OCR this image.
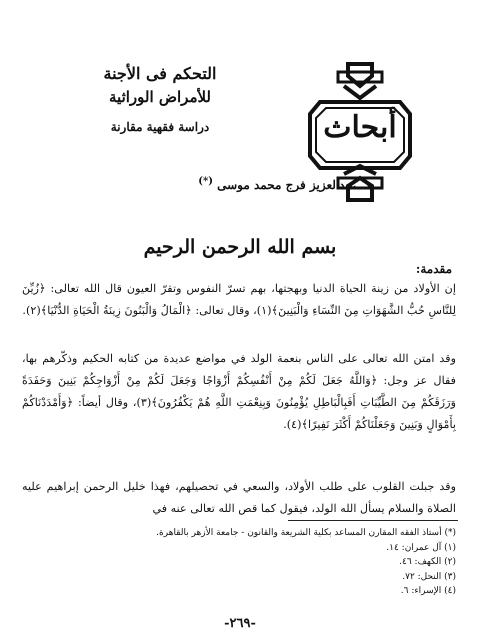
أبحاث
التحكم فى الأجنة
للأمراض الوراثية
دراسة فقهية مقارنة
د. عبدالعزيز فرج محمد موسى (*)
بسم الله الرحمن الرحيم
مقدمة:
إن الأولاد من زينة الحياة الدنيا وبهجتها، بهم تسرّ النفوس وتقرّ العيون قال الله تعالى: ﴿زُيِّنَ لِلنَّاسِ حُبُّ الشَّهَوَاتِ مِنَ النِّسَاءِ وَالْبَنِينَ﴾(١)، وقال تعالى: ﴿الْمَالُ وَالْبَنُونَ زِينَةُ الْحَيَاةِ الدُّنْيَا﴾(٢).
وقد امتن الله تعالى على الناس بنعمة الولد في مواضع عديدة من كتابه الحكيم وذكّرهم بها، فقال عز وجل: ﴿وَاللَّهُ جَعَلَ لَكُمْ مِنْ أَنْفُسِكُمْ أَزْوَاجًا وَجَعَلَ لَكُمْ مِنْ أَزْوَاجِكُمْ بَنِينَ وَحَفَدَةً وَرَزَقَكُمْ مِنَ الطَّيِّبَاتِ أَفَبِالْبَاطِلِ يُؤْمِنُونَ وَبِنِعْمَتِ اللَّهِ هُمْ يَكْفُرُونَ﴾(٣)، وقال أيضاً: ﴿وَأَمْدَدْنَاكُمْ بِأَمْوَالٍ وَبَنِينَ وَجَعَلْنَاكُمْ أَكْثَرَ نَفِيرًا﴾(٤).
وقد جبلت القلوب على طلب الأولاد، والسعي في تحصيلهم، فهذا خليل الرحمن إبراهيم عليه الصلاة والسلام يسأل الله الولد، فيقول كما قص الله تعالى عنه في
(*) أستاذ الفقه المقارن المساعد بكلية الشريعة والقانون - جامعة الأزهر بالقاهرة.
(١) آل عمران: ١٤.
(٢) الكهف: ٤٦.
(٣) النحل: ٧٢.
(٤) الإسراء: ٦.
-٢٦٩-
